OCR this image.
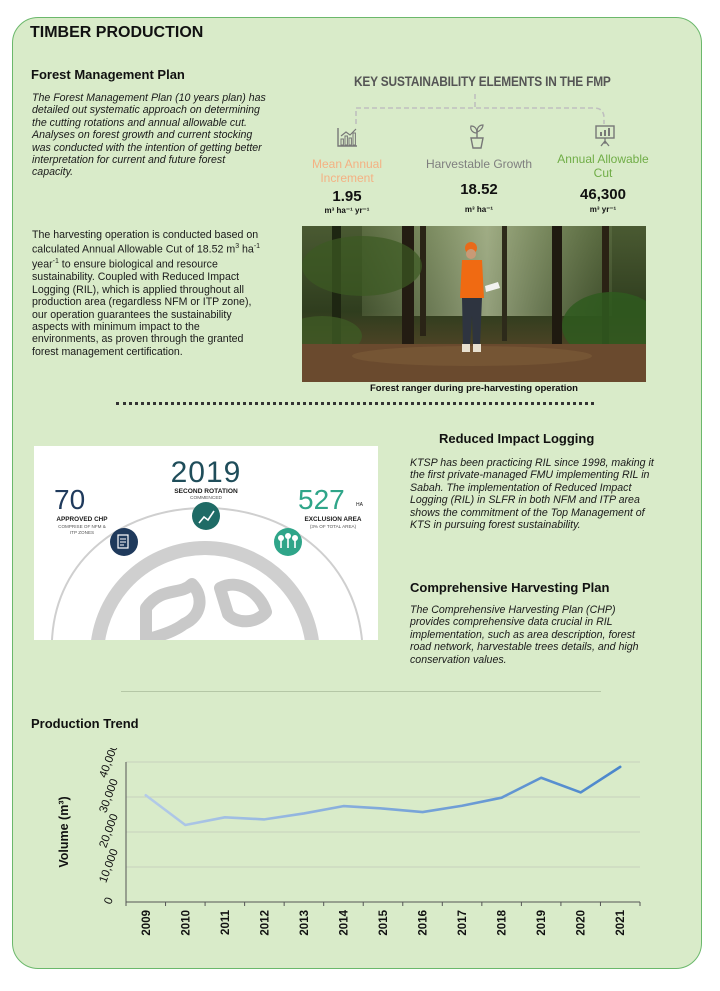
TIMBER PRODUCTION
Forest Management Plan
The Forest Management Plan (10 years plan) has detailed out systematic approach on determining the cutting rotations and annual allowable cut. Analyses on forest growth and current stocking was conducted with the intention of getting better interpretation for current and future forest capacity.
The harvesting operation is conducted based on calculated Annual Allowable Cut of 18.52 $m^3$ $ha^{-1}$ year$^{-1}$ to ensure biological and resource sustainability. Coupled with Reduced Impact Logging (RIL), which is applied throughout all production area (regardless NFM or ITP zone), our operation guarantees the sustainability aspects with minimum impact to the environments, as proven through the granted forest management certification.
KEY SUSTAINABILITY ELEMENTS IN THE FMP
Mean Annual Increment
1.95
m³ ha⁻¹ yr⁻¹
Harvestable Growth
18.52
m³ ha⁻¹
Annual Allowable Cut
46,300
m³ yr⁻¹
Forest ranger during pre-harvesting operation
2019
SECOND ROTATION
COMMENCED
70
APPROVED CHP
COMPRISE OF NFM &
ITP ZONES
527	HA
EXCLUSION AREA
(3% OF TOTAL AREA)
Reduced Impact Logging
KTSP has been practicing RIL since 1998, making it the first private-managed FMU implementing RIL in Sabah. The implementation of Reduced Impact Logging (RIL) in SLFR in both NFM and ITP area shows the commitment of the Top Management of KTS in pursuing forest sustainability.
Comprehensive Harvesting Plan
The Comprehensive Harvesting Plan (CHP) provides comprehensive data crucial in RIL implementation, such as area description, forest road network, harvestable trees details, and high conservation values.
Production Trend
0
10,000
20,000
30,000
40,000
2009 2010 2011 2012 2013 2014 2015 2016 2017 2018 2019 2020 2021
Volume (m³)
